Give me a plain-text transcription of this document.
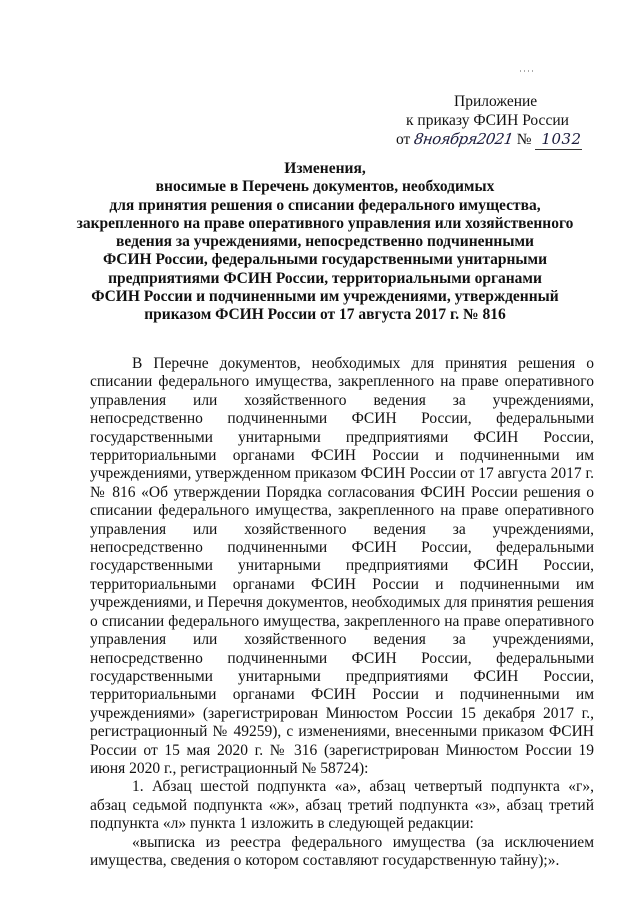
Приложение
к приказу ФСИН России
от 8ноября2021 № 1032
Изменения,
вносимые в Перечень документов, необходимых
для принятия решения о списании федерального имущества,
закрепленного на праве оперативного управления или хозяйственного
ведения за учреждениями, непосредственно подчиненными
ФСИН России, федеральными государственными унитарными
предприятиями ФСИН России, территориальными органами
ФСИН России и подчиненными им учреждениями, утвержденный
приказом ФСИН России от 17 августа 2017 г. № 816

В Перечне документов, необходимых для принятия решения о списании федерального имущества, закрепленного на праве оперативного управления или хозяйственного ведения за учреждениями, непосредственно подчиненными ФСИН России, федеральными государственными унитарными предприятиями ФСИН России, территориальными органами ФСИН России и подчиненными им учреждениями, утвержденном приказом ФСИН России от 17 августа 2017 г. № 816 «Об утверждении Порядка согласования ФСИН России решения о списании федерального имущества, закрепленного на праве оперативного управления или хозяйственного ведения за учреждениями, непосредственно подчиненными ФСИН России, федеральными государственными унитарными предприятиями ФСИН России, территориальными органами ФСИН России и подчиненными им учреждениями, и Перечня документов, необходимых для принятия решения о списании федерального имущества, закрепленного на праве оперативного управления или хозяйственного ведения за учреждениями, непосредственно подчиненными ФСИН России, федеральными государственными унитарными предприятиями ФСИН России, территориальными органами ФСИН России и подчиненными им учреждениями» (зарегистрирован Минюстом России 15 декабря 2017 г., регистрационный № 49259), с изменениями, внесенными приказом ФСИН России от 15 мая 2020 г. № 316 (зарегистрирован Минюстом России 19 июня 2020 г., регистрационный № 58724):

1. Абзац шестой подпункта «а», абзац четвертый подпункта «г», абзац седьмой подпункта «ж», абзац третий подпункта «з», абзац третий подпункта «л» пункта 1 изложить в следующей редакции:

«выписка из реестра федерального имущества (за исключением имущества, сведения о котором составляют государственную тайну);».
